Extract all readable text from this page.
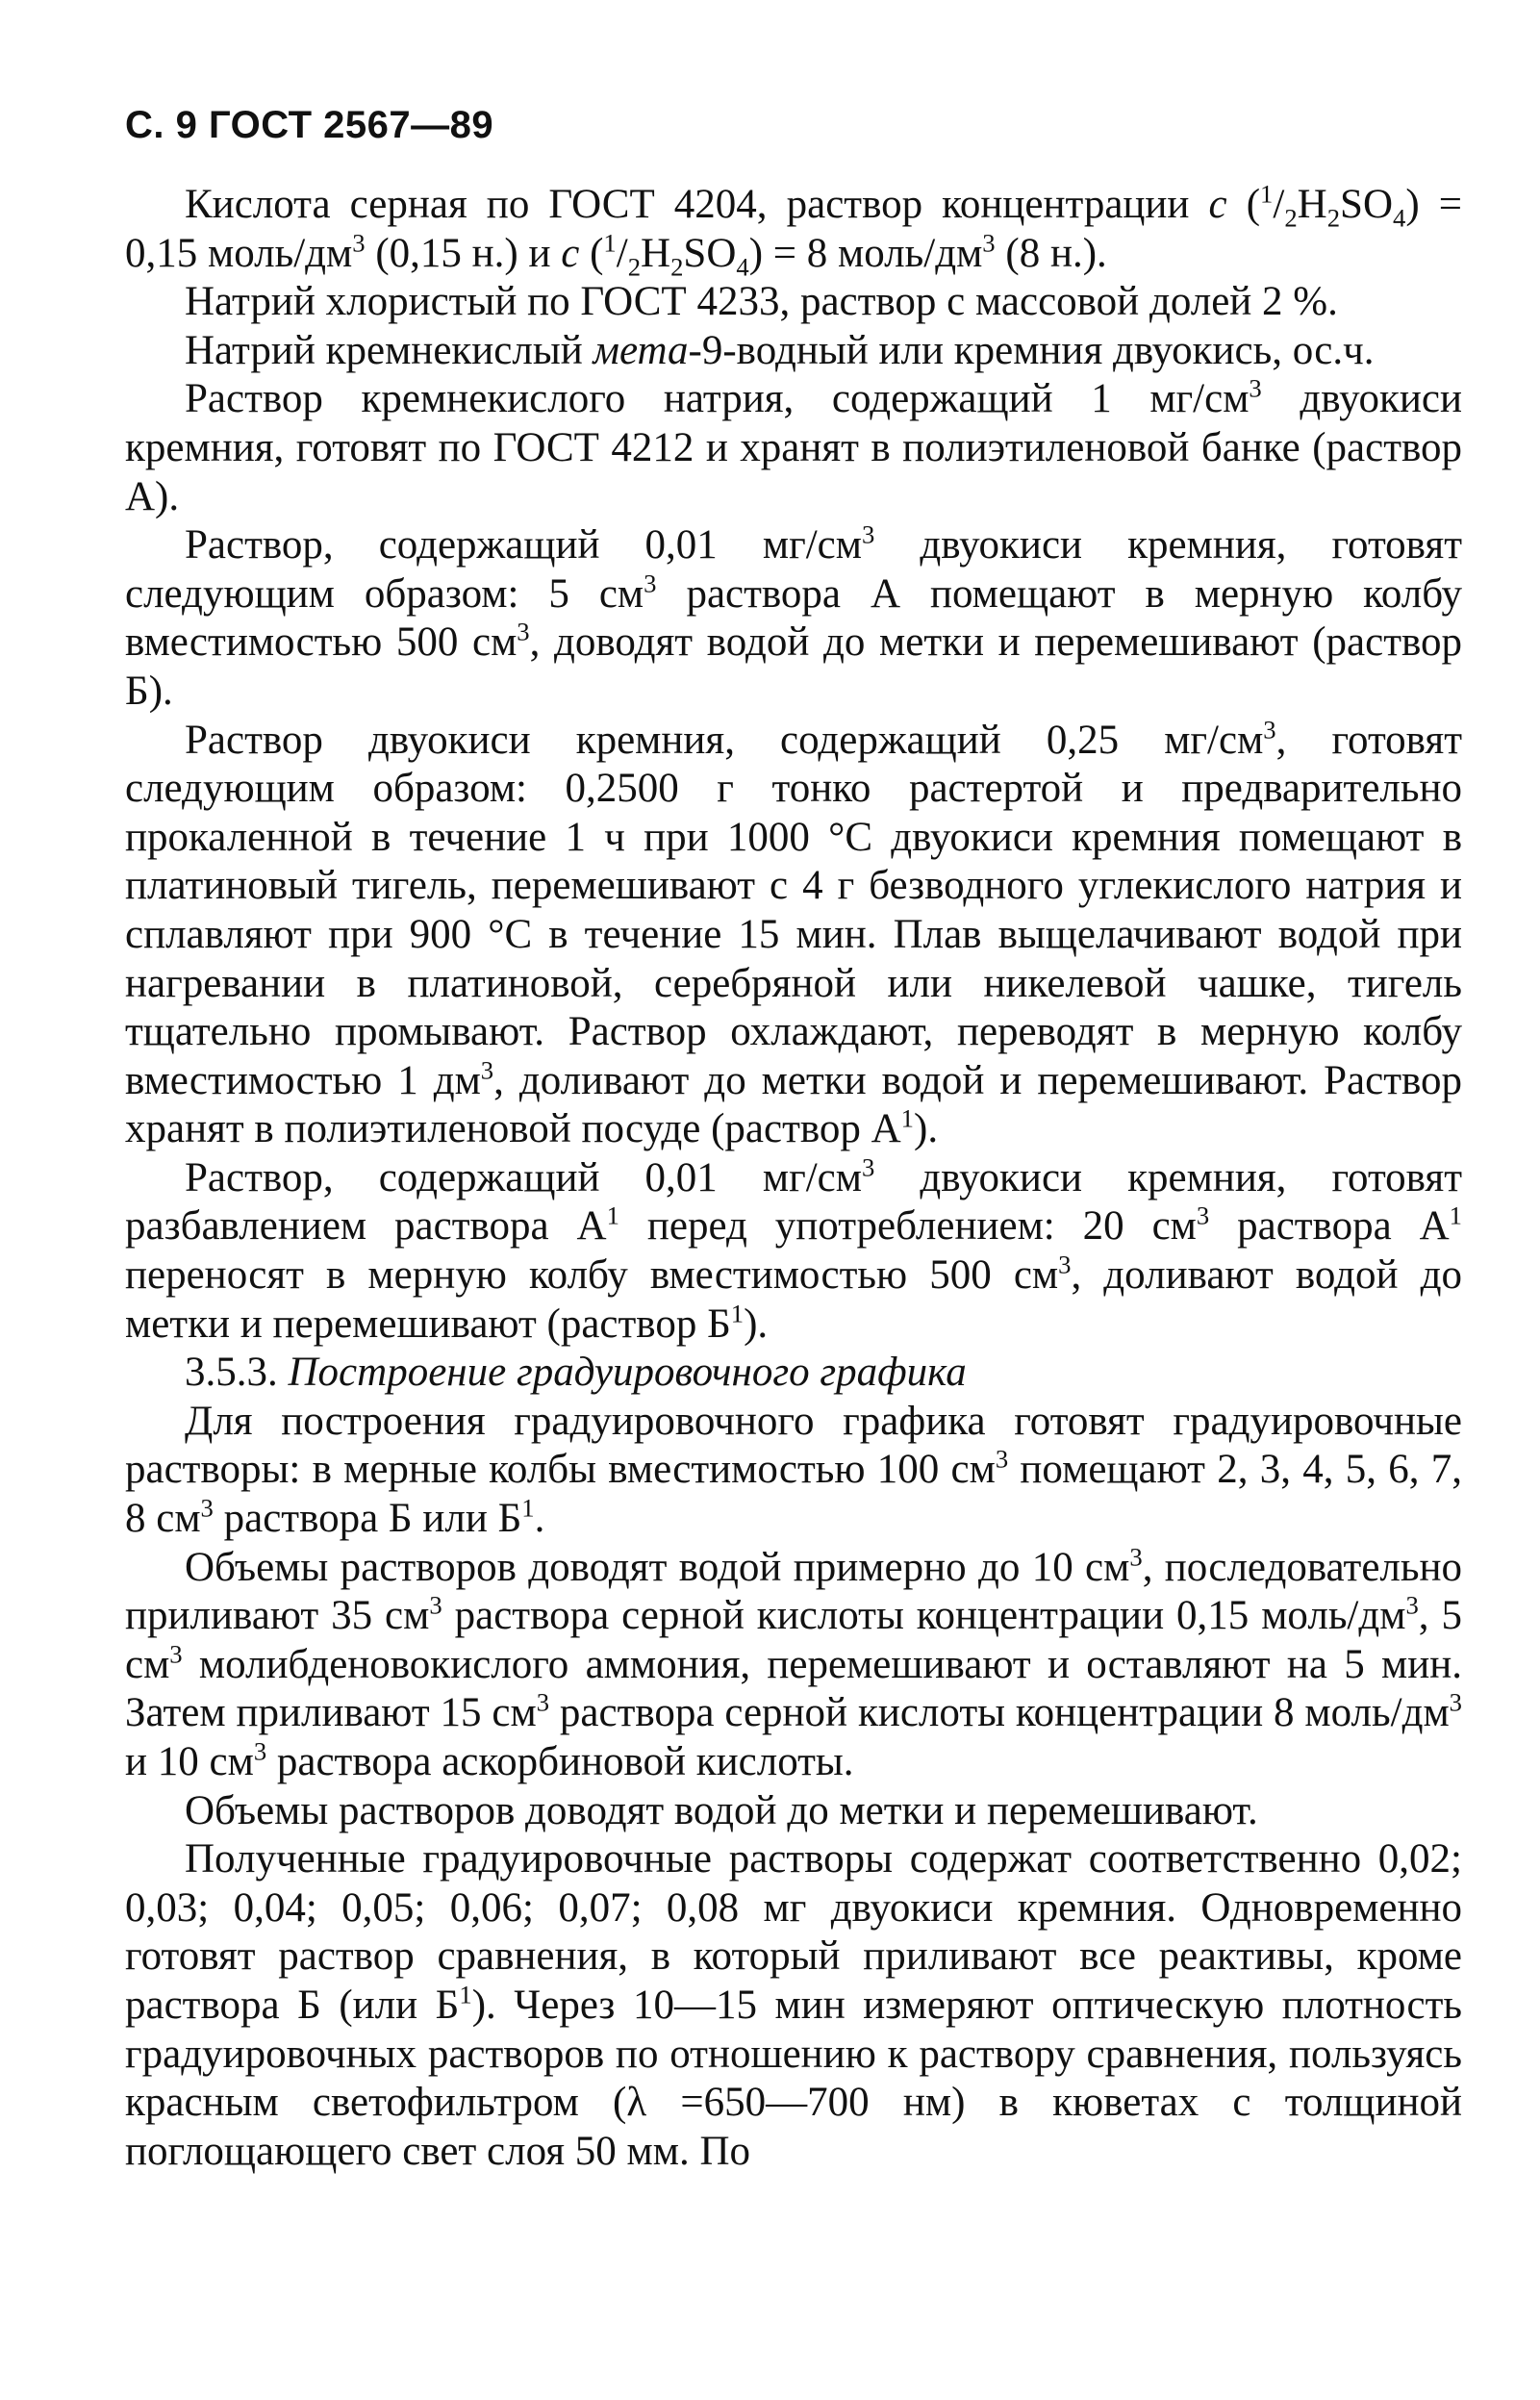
С. 9 ГОСТ 2567—89

Кислота серная по ГОСТ 4204, раствор концентрации с $(^1/_2H_2SO_4) = 0,15$ моль/$дм^3$ (0,15 н.) и с $(^1/_2H_2SO_4) = 8$ моль/$дм^3$ (8 н.).

Натрий хлористый по ГОСТ 4233, раствор с массовой долей 2 %.

Натрий кремнекислый мета-9-водный или кремния двуокись, ос.ч.

Раствор кремнекислого натрия, содержащий 1 $мг/см^3$ двуокиси кремния, готовят по ГОСТ 4212 и хранят в полиэтиленовой банке (раствор А).

Раствор, содержащий 0,01 $мг/см^3$ двуокиси кремния, готовят следующим образом: 5 $см^3$ раствора А помещают в мерную колбу вместимостью 500 $см^3$, доводят водой до метки и перемешивают (раствор Б).

Раствор двуокиси кремния, содержащий 0,25 $мг/см^3$, готовят следующим образом: 0,2500 г тонко растертой и предварительно прокаленной в течение 1 ч при 1000 °С двуокиси кремния помещают в платиновый тигель, перемешивают с 4 г безводного углекислого натрия и сплавляют при 900 °С в течение 15 мин. Плав выщелачивают водой при нагревании в платиновой, серебряной или никелевой чашке, тигель тщательно промывают. Раствор охлаждают, переводят в мерную колбу вместимостью 1 $дм^3$, доливают до метки водой и перемешивают. Раствор хранят в полиэтиленовой посуде (раствор $А^1$).

Раствор, содержащий 0,01 $мг/см^3$ двуокиси кремния, готовят разбавлением раствора $А^1$ перед употреблением: 20 $см^3$ раствора $А^1$ переносят в мерную колбу вместимостью 500 $см^3$, доливают водой до метки и перемешивают (раствор $Б^1$).

3.5.3. Построение градуировочного графика

Для построения градуировочного графика готовят градуировочные растворы: в мерные колбы вместимостью 100 $см^3$ помещают 2, 3, 4, 5, 6, 7, 8 $см^3$ раствора Б или $Б^1$.

Объемы растворов доводят водой примерно до 10 $см^3$, последовательно приливают 35 $см^3$ раствора серной кислоты концентрации 0,15 моль/$дм^3$, 5 $см^3$ молибденовокислого аммония, перемешивают и оставляют на 5 мин. Затем приливают 15 $см^3$ раствора серной кислоты концентрации 8 моль/$дм^3$ и 10 $см^3$ раствора аскорбиновой кислоты.

Объемы растворов доводят водой до метки и перемешивают.

Полученные градуировочные растворы содержат соответственно 0,02; 0,03; 0,04; 0,05; 0,06; 0,07; 0,08 мг двуокиси кремния. Одновременно готовят раствор сравнения, в который приливают все реактивы, кроме раствора Б (или $Б^1$). Через 10—15 мин измеряют оптическую плотность градуировочных растворов по отношению к раствору сравнения, пользуясь красным светофильтром (λ =650—700 нм) в кюветах с толщиной поглощающего свет слоя 50 мм. По
